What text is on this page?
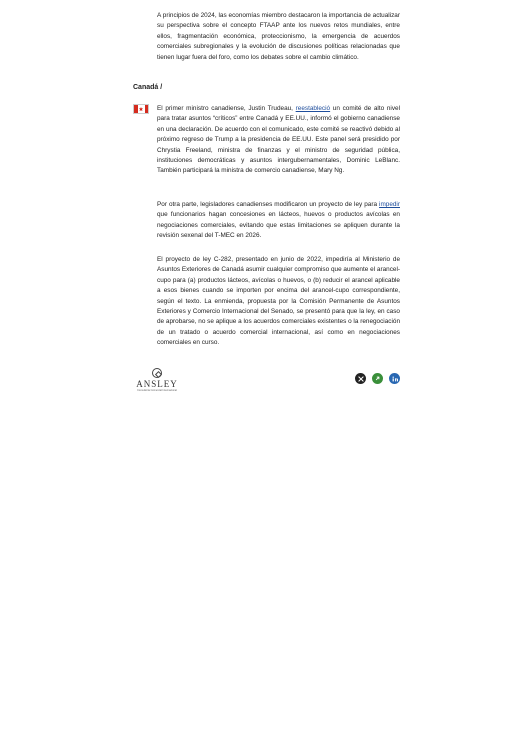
A principios de 2024, las economías miembro destacaron la importancia de actualizar su perspectiva sobre el concepto FTAAP ante los nuevos retos mundiales, entre ellos, fragmentación económica, proteccionismo, la emergencia de acuerdos comerciales subregionales y la evolución de discusiones políticas relacionadas que tienen lugar fuera del foro, como los debates sobre el cambio climático.

Canadá /

El primer ministro canadiense, Justin Trudeau, reestableció un comité de alto nivel para tratar asuntos “críticos” entre Canadá y EE.UU., informó el gobierno canadiense en una declaración. De acuerdo con el comunicado, este comité se reactivó debido al próximo regreso de Trump a la presidencia de EE.UU. Este panel será presidido por Chrystia Freeland, ministra de finanzas y el ministro de seguridad pública, instituciones democráticas y asuntos intergubernamentales, Dominic LeBlanc. También participará la ministra de comercio canadiense, Mary Ng.

Por otra parte, legisladores canadienses modificaron un proyecto de ley para impedir que funcionarios hagan concesiones en lácteos, huevos o productos avícolas en negociaciones comerciales, evitando que estas limitaciones se apliquen durante la revisión sexenal del T-MEC en 2026.

El proyecto de ley C-282, presentado en junio de 2022, impediría al Ministerio de Asuntos Exteriores de Canadá asumir cualquier compromiso que aumente el arancel-cupo para (a) productos lácteos, avícolas o huevos, o (b) reducir el arancel aplicable a esos bienes cuando se importen por encima del arancel-cupo correspondiente, según el texto. La enmienda, propuesta por la Comisión Permanente de Asuntos Exteriores y Comercio Internacional del Senado, se presentó para que la ley, en caso de aprobarse, no se aplique a los acuerdos comerciales existentes o la renegociación de un tratado o acuerdo comercial internacional, así como en negociaciones comerciales en curso.

ANSLEY
Consultoría Comercial Internacional
